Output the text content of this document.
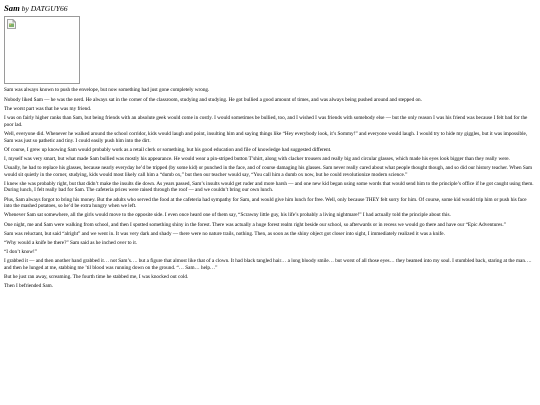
Sam by DATGUY66
Sam was always known to push the envelope, but now something had just gone completely wrong.

Nobody liked Sam — he was the nerd. He always sat in the corner of the classroom, studying and studying. He got bullied a good amount of times, and was always being pushed around and stepped on.

The worst part was that he was my friend.

I was on fairly higher ranks than Sam, but being friends with an absolute geek would come in costly. I would sometimes be bullied, too, and I wished I was friends with somebody else — but the only reason I was his friend was because I felt bad for the poor lad.

Well, everyone did. Whenever he walked around the school corridor, kids would laugh and point, insulting him and saying things like “Hey everybody look, it’s Sommy!” and everyone would laugh. I would try to hide my giggles, but it was impossible, Sam was just so pathetic and tiny. I could easily push him into the dirt.

Of course, I grew up knowing Sam would probably work as a retail clerk or something, but his good education and file of knowledge had suggested different.

I, myself was very smart, but what made Sam bullied was mostly his appearance. He would wear a pin-striped button T’shirt, along with clacker trousers and really big and circular glasses, which made his eyes look bigger than they really were.

Usually, he had to replace his glasses, because nearly everyday he’d be tripped (by some kid) or punched in the face, and of course damaging his glasses. Sam never really cared about what people thought though, and so did our history teacher. When Sam would sit quietly in the corner, studying, kids would most likely call him a “dumb ox,” but then our teacher would say, “You call him a dumb ox now, but he could revolutionize modern science.”

I knew she was probably right, but that didn’t make the insults die down. As years passed, Sam’s insults would get ruder and more harsh — and one new kid began using some words that would send him to the principle’s office if he got caught using them. During lunch, I felt really bad for Sam. The cafeteria prices were raised through the roof — and we couldn’t bring our own lunch.

Plus, Sam always forgot to bring his money. But the adults who served the food at the cafeteria had sympathy for Sam, and would give him lunch for free. Well, only because THEY felt sorry for him. Of course, some kid would trip him or push his face into the mashed potatoes, so he’d be extra hungry when we left.

Whenever Sam sat somewhere, all the girls would move to the opposite side. I even once heard one of them say, “Scrawny little guy, his life’s probably a living nightmare!” I had actually told the principle about this.

One night, me and Sam were walking from school, and then I spotted something shiny in the forest. There was actually a huge forest realm right beside our school, so afterwards or in recess we would go there and have our “Epic Adventures.”

Sam was reluctant, but said “alright” and we went in. It was very dark and shady — there were no nature trails, nothing. Then, as soon as the shiny object got closer into sight, I immediately realized it was a knife.

“Why would a knife be there?” Sam said as he inched over to it.

“I don’t know!”

I grabbed it — and then another hand grabbed it… not Sam’s…. but a figure that almost like that of a clown. It had black tangled hair… a long bloody smile… but worst of all those eyes… they beamed into my soul. I stumbled back, staring at the man…. and then he lunged at me, stabbing me ’til blood was running down on the ground. “… Sam… help…”

But he just ran away, screaming. The fourth time he stabbed me, I was knocked out cold.

Then I befriended Sam.
